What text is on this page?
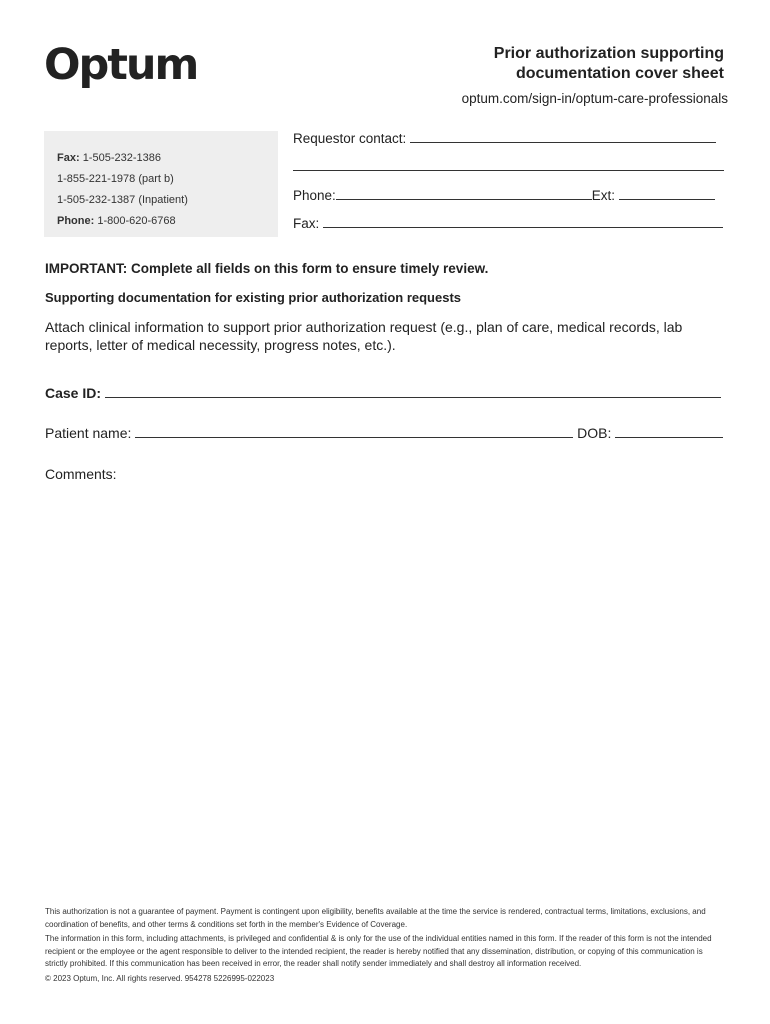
Optum	Prior authorization supporting
documentation cover sheet
optum.com/sign-in/optum-care-professionals
Fax: 1-505-232-1386
1-855-221-1978 (part b)
1-505-232-1387 (Inpatient)
Phone: 1-800-620-6768
Requestor contact:
Phone:	Ext:
Fax:
IMPORTANT: Complete all fields on this form to ensure timely review.
Supporting documentation for existing prior authorization requests
Attach clinical information to support prior authorization request (e.g., plan of care, medical records, lab reports, letter of medical necessity, progress notes, etc.).
Case ID:
Patient name:	DOB:
Comments:

This authorization is not a guarantee of payment. Payment is contingent upon eligibility, benefits available at the time the service is rendered, contractual terms, limitations, exclusions, and coordination of benefits, and other terms & conditions set forth in the member's Evidence of Coverage.

The information in this form, including attachments, is privileged and confidential & is only for the use of the individual entities named in this form. If the reader of this form is not the intended recipient or the employee or the agent responsible to deliver to the intended recipient, the reader is hereby notified that any dissemination, distribution, or copying of this communication is strictly prohibited. If this communication has been received in error, the reader shall notify sender immediately and shall destroy all information received.

© 2023 Optum, Inc. All rights reserved. 954278 5226995-022023
